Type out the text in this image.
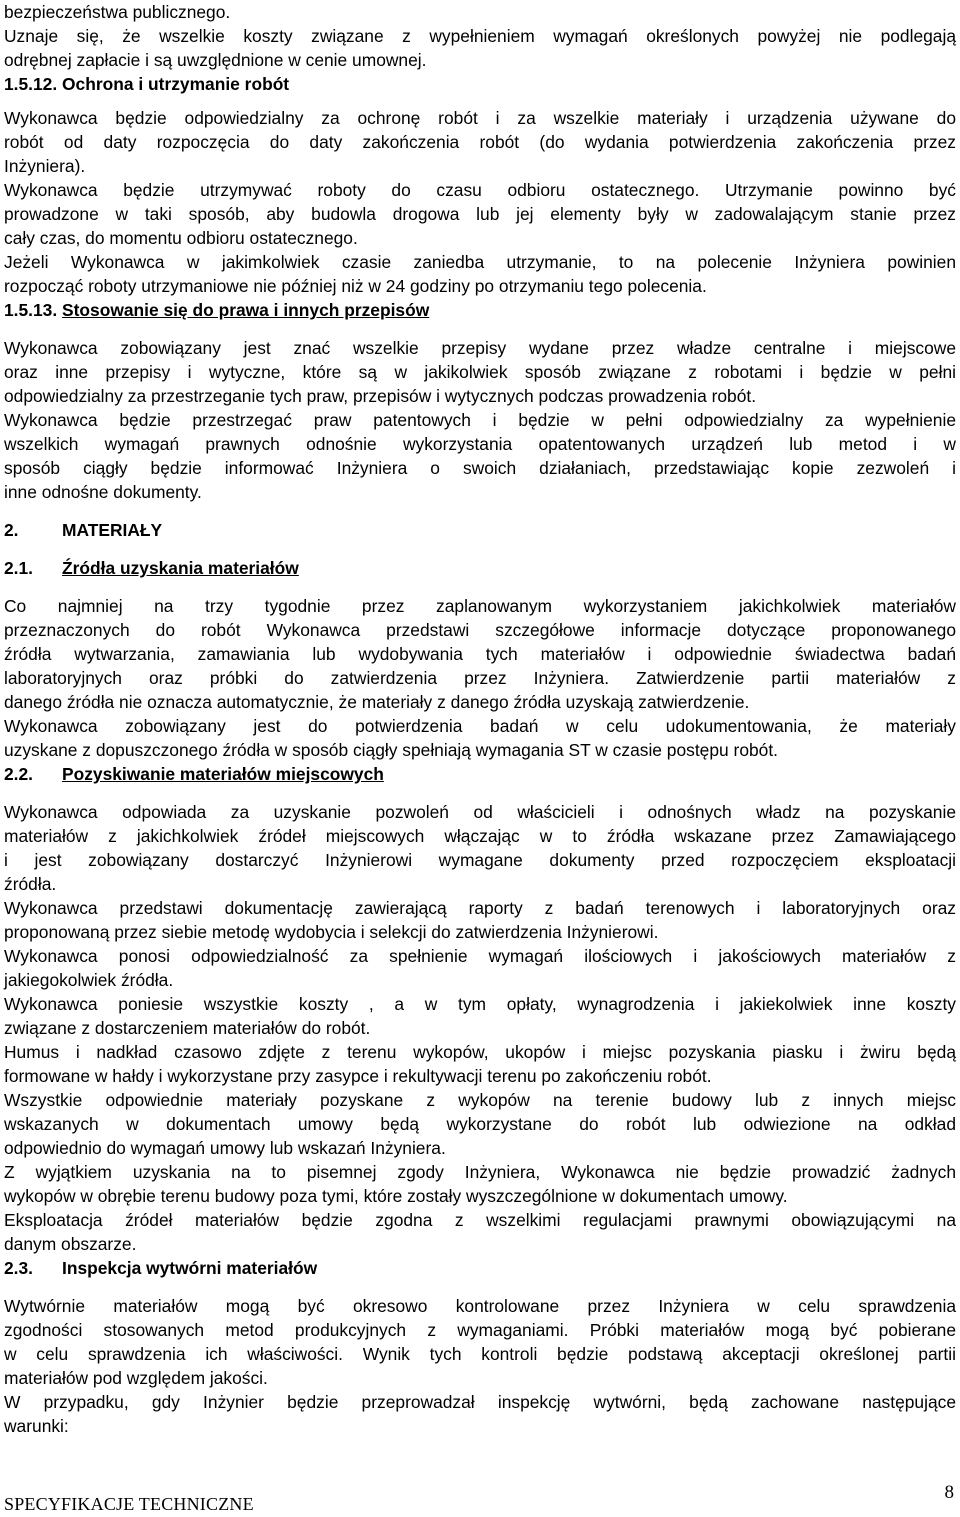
bezpieczeństwa publicznego.
Uznaje się, że wszelkie koszty związane z wypełnieniem wymagań określonych powyżej nie podlegają
odrębnej zapłacie i są uwzględnione w cenie umownej.
1.5.12. Ochrona i utrzymanie robót
Wykonawca będzie odpowiedzialny za ochronę robót i za wszelkie materiały i urządzenia używane do
robót od daty rozpoczęcia do daty zakończenia robót (do wydania potwierdzenia zakończenia przez
Inżyniera).
Wykonawca będzie utrzymywać roboty do czasu odbioru ostatecznego. Utrzymanie powinno być
prowadzone w taki sposób, aby budowla drogowa lub jej elementy były w zadowalającym stanie przez
cały czas, do momentu odbioru ostatecznego.
Jeżeli Wykonawca w jakimkolwiek czasie zaniedba utrzymanie, to na polecenie Inżyniera powinien
rozpocząć roboty utrzymaniowe nie później niż w 24 godziny po otrzymaniu tego polecenia.
1.5.13. Stosowanie się do prawa i innych przepisów
Wykonawca zobowiązany jest znać wszelkie przepisy wydane przez władze centralne i miejscowe
oraz inne przepisy i wytyczne, które są w jakikolwiek sposób związane z robotami i będzie w pełni
odpowiedzialny za przestrzeganie tych praw, przepisów i wytycznych podczas prowadzenia robót.
Wykonawca będzie przestrzegać praw patentowych i będzie w pełni odpowiedzialny za wypełnienie
wszelkich wymagań prawnych odnośnie wykorzystania opatentowanych urządzeń lub metod i w
sposób ciągły będzie informować Inżyniera o swoich działaniach, przedstawiając kopie zezwoleń i
inne odnośne dokumenty.
2. MATERIAŁY
2.1. Źródła uzyskania materiałów
Co najmniej na trzy tygodnie przez zaplanowanym wykorzystaniem jakichkolwiek materiałów
przeznaczonych do robót Wykonawca przedstawi szczegółowe informacje dotyczące proponowanego
źródła wytwarzania, zamawiania lub wydobywania tych materiałów i odpowiednie świadectwa badań
laboratoryjnych oraz próbki do zatwierdzenia przez Inżyniera. Zatwierdzenie partii materiałów z
danego źródła nie oznacza automatycznie, że materiały z danego źródła uzyskają zatwierdzenie.
Wykonawca zobowiązany jest do potwierdzenia badań w celu udokumentowania, że materiały
uzyskane z dopuszczonego źródła w sposób ciągły spełniają wymagania ST w czasie postępu robót.
2.2. Pozyskiwanie materiałów miejscowych
Wykonawca odpowiada za uzyskanie pozwoleń od właścicieli i odnośnych władz na pozyskanie
materiałów z jakichkolwiek źródeł miejscowych włączając w to źródła wskazane przez Zamawiającego
i jest zobowiązany dostarczyć Inżynierowi wymagane dokumenty przed rozpoczęciem eksploatacji
źródła.
Wykonawca przedstawi dokumentację zawierającą raporty z badań terenowych i laboratoryjnych oraz
proponowaną przez siebie metodę wydobycia i selekcji do zatwierdzenia Inżynierowi.
Wykonawca ponosi odpowiedzialność za spełnienie wymagań ilościowych i jakościowych materiałów z
jakiegokolwiek źródła.
Wykonawca poniesie wszystkie koszty , a w tym opłaty, wynagrodzenia i jakiekolwiek inne koszty
związane z dostarczeniem materiałów do robót.
Humus i nadkład czasowo zdjęte z terenu wykopów, ukopów i miejsc pozyskania piasku i żwiru będą
formowane w hałdy i wykorzystane przy zasypce i rekultywacji terenu po zakończeniu robót.
Wszystkie odpowiednie materiały pozyskane z wykopów na terenie budowy lub z innych miejsc
wskazanych w dokumentach umowy będą wykorzystane do robót lub odwiezione na odkład
odpowiednio do wymagań umowy lub wskazań Inżyniera.
Z wyjątkiem uzyskania na to pisemnej zgody Inżyniera, Wykonawca nie będzie prowadzić żadnych
wykopów w obrębie terenu budowy poza tymi, które zostały wyszczególnione w dokumentach umowy.
Eksploatacja źródeł materiałów będzie zgodna z wszelkimi regulacjami prawnymi obowiązującymi na
danym obszarze.
2.3. Inspekcja wytwórni materiałów
Wytwórnie materiałów mogą być okresowo kontrolowane przez Inżyniera w celu sprawdzenia
zgodności stosowanych metod produkcyjnych z wymaganiami. Próbki materiałów mogą być pobierane
w celu sprawdzenia ich właściwości. Wynik tych kontroli będzie podstawą akceptacji określonej partii
materiałów pod względem jakości.
W przypadku, gdy Inżynier będzie przeprowadzał inspekcję wytwórni, będą zachowane następujące
warunki:
SPECYFIKACJE TECHNICZNE
8
